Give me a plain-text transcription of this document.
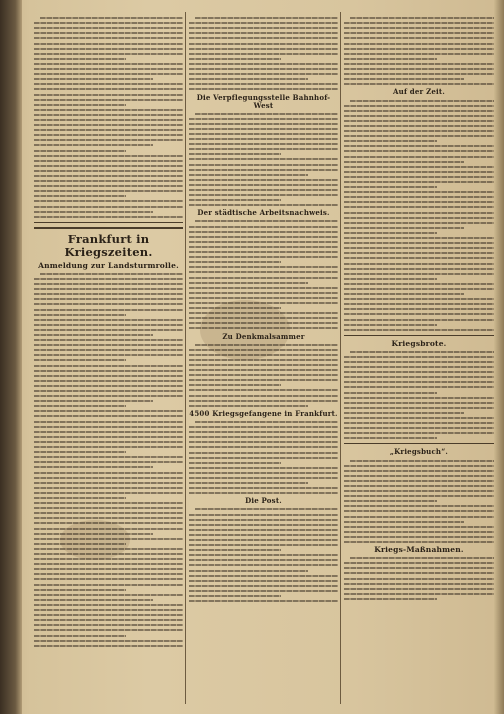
Frankfurt in Kriegszeiten.
Anmeldung zur Landsturmrolle.
Die Verpflegungsstelle Bahnhof-West
Der städtische Arbeitsnachweis.
Zu Denkmalsammer
4500 Kriegsgefangene in Frankfurt.
Die Post.
Auf der Zeit.
Kriegsbrote.
„Kriegsbuch“.
Kriegs-Maßnahmen.
